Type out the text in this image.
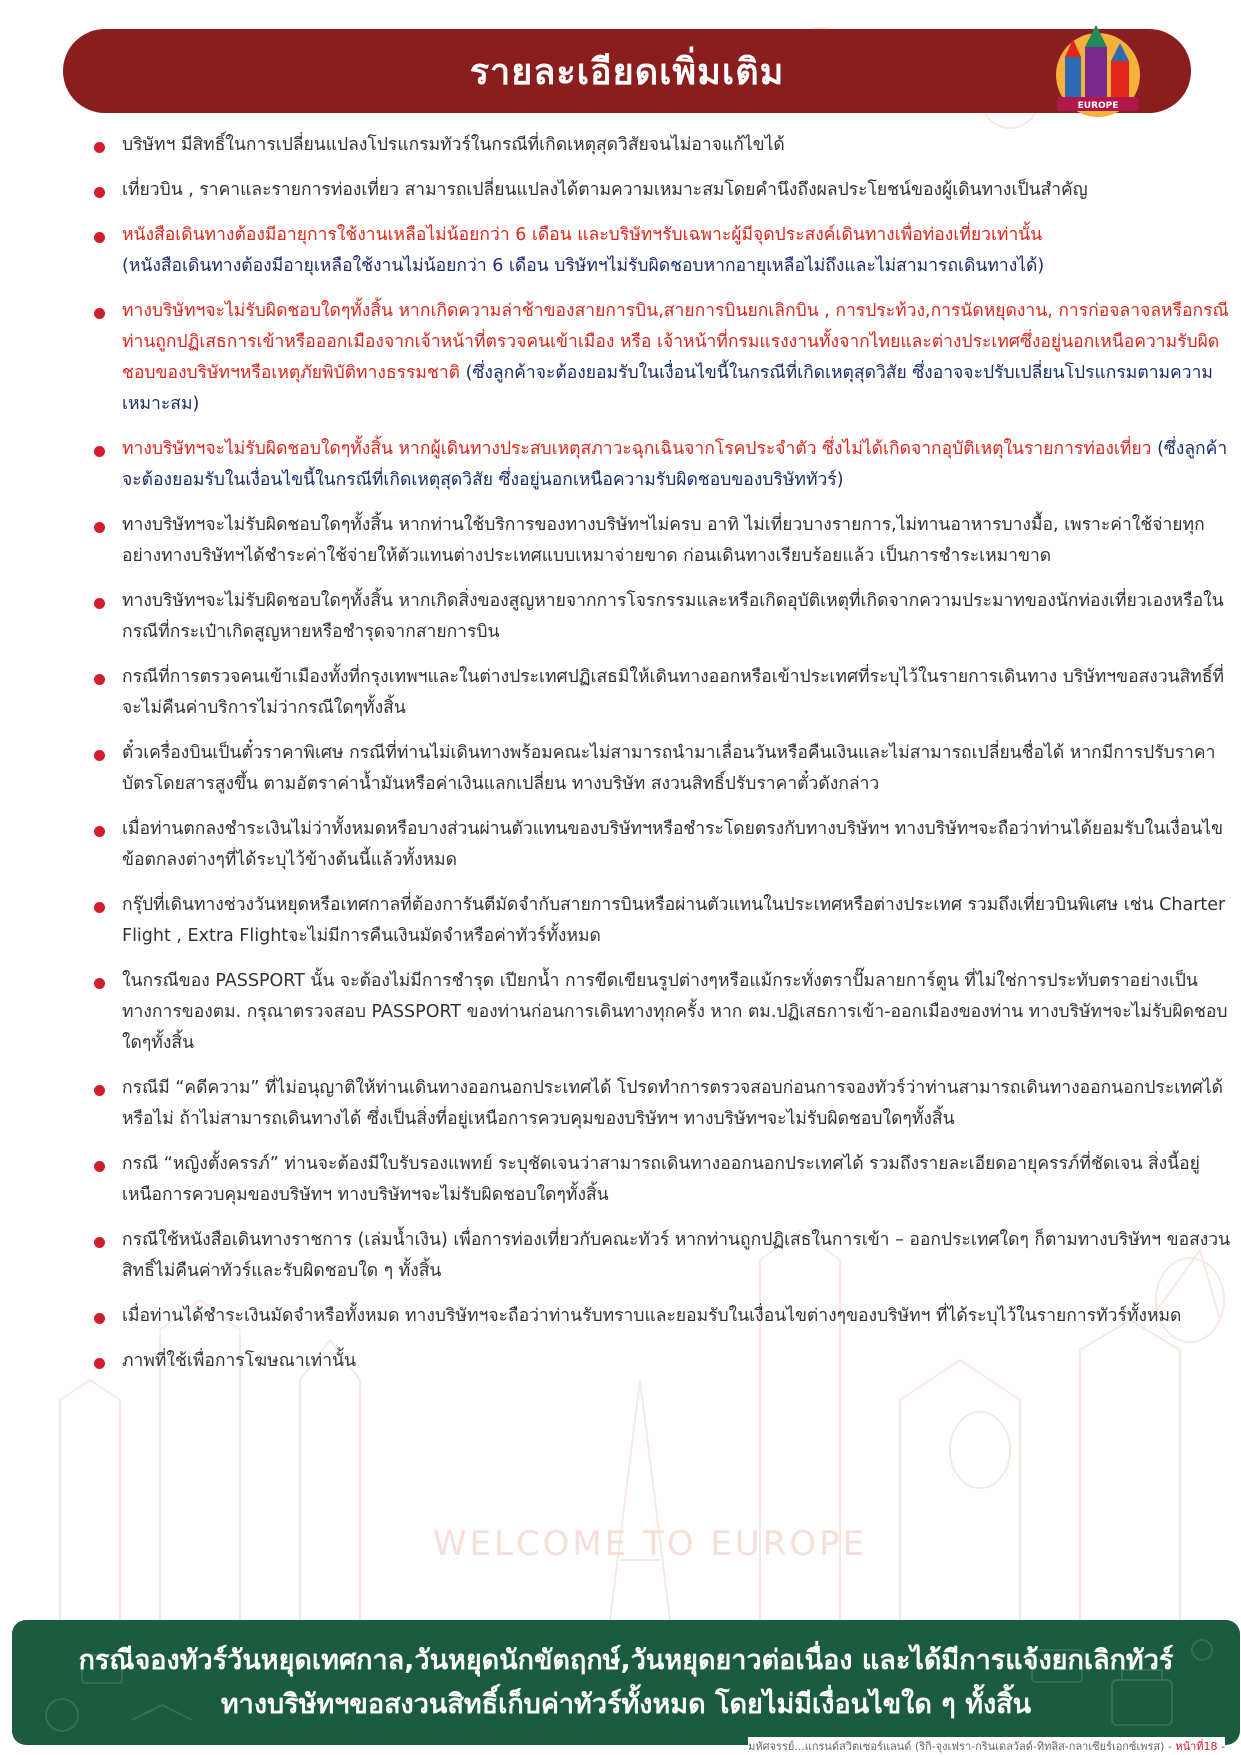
WELCOME TO EUROPE
รายละเอียดเพิ่มเติม
EUROPE

บริษัทฯ มีสิทธิ์ในการเปลี่ยนแปลงโปรแกรมทัวร์ในกรณีที่เกิดเหตุสุดวิสัยจนไม่อาจแก้ไขได้

เที่ยวบิน , ราคาและรายการท่องเที่ยว สามารถเปลี่ยนแปลงได้ตามความเหมาะสมโดยคำนึงถึงผลประโยชน์ของผู้เดินทางเป็นสำคัญ

หนังสือเดินทางต้องมีอายุการใช้งานเหลือไม่น้อยกว่า 6 เดือน และบริษัทฯรับเฉพาะผู้มีจุดประสงค์เดินทางเพื่อท่องเที่ยวเท่านั้น
(หนังสือเดินทางต้องมีอายุเหลือใช้งานไม่น้อยกว่า 6 เดือน บริษัทฯไม่รับผิดชอบหากอายุเหลือไม่ถึงและไม่สามารถเดินทางได้)

ทางบริษัทฯจะไม่รับผิดชอบใดๆทั้งสิ้น หากเกิดความล่าช้าของสายการบิน,สายการบินยกเลิกบิน , การประท้วง,การนัดหยุดงาน, การก่อจลาจลหรือกรณีท่านถูกปฏิเสธการเข้าหรือออกเมืองจากเจ้าหน้าที่ตรวจคนเข้าเมือง หรือ เจ้าหน้าที่กรมแรงงานทั้งจากไทยและต่างประเทศซึ่งอยู่นอกเหนือความรับผิดชอบของบริษัทฯหรือเหตุภัยพิบัติทางธรรมชาติ (ซึ่งลูกค้าจะต้องยอมรับในเงื่อนไขนี้ในกรณีที่เกิดเหตุสุดวิสัย ซึ่งอาจจะปรับเปลี่ยนโปรแกรมตามความเหมาะสม)

ทางบริษัทฯจะไม่รับผิดชอบใดๆทั้งสิ้น หากผู้เดินทางประสบเหตุสภาวะฉุกเฉินจากโรคประจำตัว ซึ่งไม่ได้เกิดจากอุบัติเหตุในรายการท่องเที่ยว (ซึ่งลูกค้าจะต้องยอมรับในเงื่อนไขนี้ในกรณีที่เกิดเหตุสุดวิสัย ซึ่งอยู่นอกเหนือความรับผิดชอบของบริษัททัวร์)

ทางบริษัทฯจะไม่รับผิดชอบใดๆทั้งสิ้น หากท่านใช้บริการของทางบริษัทฯไม่ครบ อาทิ ไม่เที่ยวบางรายการ,ไม่ทานอาหารบางมื้อ, เพราะค่าใช้จ่ายทุกอย่างทางบริษัทฯได้ชำระค่าใช้จ่ายให้ตัวแทนต่างประเทศแบบเหมาจ่ายขาด ก่อนเดินทางเรียบร้อยแล้ว เป็นการชำระเหมาขาด

ทางบริษัทฯจะไม่รับผิดชอบใดๆทั้งสิ้น หากเกิดสิ่งของสูญหายจากการโจรกรรมและหรือเกิดอุบัติเหตุที่เกิดจากความประมาทของนักท่องเที่ยวเองหรือในกรณีที่กระเป๋าเกิดสูญหายหรือชำรุดจากสายการบิน

กรณีที่การตรวจคนเข้าเมืองทั้งที่กรุงเทพฯและในต่างประเทศปฏิเสธมิให้เดินทางออกหรือเข้าประเทศที่ระบุไว้ในรายการเดินทาง บริษัทฯขอสงวนสิทธิ์ที่จะไม่คืนค่าบริการไม่ว่ากรณีใดๆทั้งสิ้น

ตั๋วเครื่องบินเป็นตั๋วราคาพิเศษ กรณีที่ท่านไม่เดินทางพร้อมคณะไม่สามารถนำมาเลื่อนวันหรือคืนเงินและไม่สามารถเปลี่ยนชื่อได้ หากมีการปรับราคาบัตรโดยสารสูงขึ้น ตามอัตราค่าน้ำมันหรือค่าเงินแลกเปลี่ยน ทางบริษัท สงวนสิทธิ์ปรับราคาตั๋วดังกล่าว

เมื่อท่านตกลงชำระเงินไม่ว่าทั้งหมดหรือบางส่วนผ่านตัวแทนของบริษัทฯหรือชำระโดยตรงกับทางบริษัทฯ ทางบริษัทฯจะถือว่าท่านได้ยอมรับในเงื่อนไขข้อตกลงต่างๆที่ได้ระบุไว้ข้างต้นนี้แล้วทั้งหมด

กรุ๊ปที่เดินทางช่วงวันหยุดหรือเทศกาลที่ต้องการันตีมัดจำกับสายการบินหรือผ่านตัวแทนในประเทศหรือต่างประเทศ รวมถึงเที่ยวบินพิเศษ เช่น Charter Flight , Extra Flightจะไม่มีการคืนเงินมัดจำหรือค่าทัวร์ทั้งหมด

ในกรณีของ PASSPORT นั้น จะต้องไม่มีการชำรุด เปียกน้ำ การขีดเขียนรูปต่างๆหรือแม้กระทั่งตราปั๊มลายการ์ตูน ที่ไม่ใช่การประทับตราอย่างเป็นทางการของตม. กรุณาตรวจสอบ PASSPORT ของท่านก่อนการเดินทางทุกครั้ง หาก ตม.ปฏิเสธการเข้า-ออกเมืองของท่าน ทางบริษัทฯจะไม่รับผิดชอบใดๆทั้งสิ้น

กรณีมี “คดีความ” ที่ไม่อนุญาติให้ท่านเดินทางออกนอกประเทศได้ โปรดทำการตรวจสอบก่อนการจองทัวร์ว่าท่านสามารถเดินทางออกนอกประเทศได้หรือไม่ ถ้าไม่สามารถเดินทางได้ ซึ่งเป็นสิ่งที่อยู่เหนือการควบคุมของบริษัทฯ ทางบริษัทฯจะไม่รับผิดชอบใดๆทั้งสิ้น

กรณี “หญิงตั้งครรภ์” ท่านจะต้องมีใบรับรองแพทย์ ระบุชัดเจนว่าสามารถเดินทางออกนอกประเทศได้ รวมถึงรายละเอียดอายุครรภ์ที่ชัดเจน สิ่งนี้อยู่เหนือการควบคุมของบริษัทฯ ทางบริษัทฯจะไม่รับผิดชอบใดๆทั้งสิ้น

กรณีใช้หนังสือเดินทางราชการ (เล่มน้ำเงิน) เพื่อการท่องเที่ยวกับคณะทัวร์ หากท่านถูกปฏิเสธในการเข้า – ออกประเทศใดๆ ก็ตามทางบริษัทฯ ขอสงวนสิทธิ์ไม่คืนค่าทัวร์และรับผิดชอบใด ๆ ทั้งสิ้น

เมื่อท่านได้ชำระเงินมัดจำหรือทั้งหมด ทางบริษัทฯจะถือว่าท่านรับทราบและยอมรับในเงื่อนไขต่างๆของบริษัทฯ ที่ได้ระบุไว้ในรายการทัวร์ทั้งหมด

ภาพที่ใช้เพื่อการโฆษณาเท่านั้น

กรณีจองทัวร์วันหยุดเทศกาล,วันหยุดนักขัตฤกษ์,วันหยุดยาวต่อเนื่อง และได้มีการแจ้งยกเลิกทัวร์
ทางบริษัทฯขอสงวนสิทธิ์เก็บค่าทัวร์ทั้งหมด โดยไม่มีเงื่อนไขใด ๆ ทั้งสิ้น
มหัศจรรย์...แกรนด์สวิตเซอร์แลนด์ (ริกิ-จุงเฟรา-กรินเดลวัลด์-ทิทลิส-กลาเซียร์เอกซ์เพรส) - หน้าที่18 -
